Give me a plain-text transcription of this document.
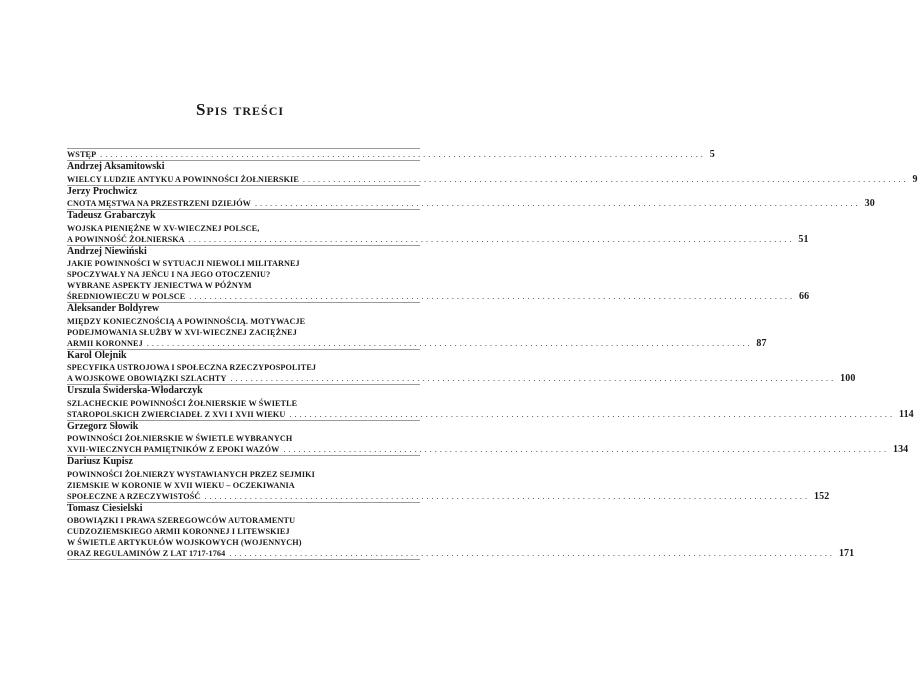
Spis treści
WSTĘP ........................................................................................................................ 5
Andrzej Aksamitowski
WIELCY LUDZIE ANTYKU A POWINNOŚCI ŻOŁNIERSKIE ........................................................................................................................ 9
Jerzy Prochwicz
CNOTA MĘSTWA NA PRZESTRZENI DZIEJÓW ........................................................................................................................ 30
Tadeusz Grabarczyk
WOJSKA PIENIĘŻNE W XV-WIECZNEJ POLSCE,
A POWINNOŚĆ ŻOŁNIERSKA ........................................................................................................................ 51
Andrzej Niewiński
JAKIE POWINNOŚCI W SYTUACJI NIEWOLI MILITARNEJ
SPOCZYWAŁY NA JEŃCU I NA JEGO OTOCZENIU?
WYBRANE ASPEKTY JENIECTWA W PÓŹNYM
ŚREDNIOWIECZU W POLSCE ........................................................................................................................ 66
Aleksander Boldyrew
MIĘDZY KONIECZNOŚCIĄ A POWINNOŚCIĄ. MOTYWACJE
PODEJMOWANIA SŁUŻBY W XVI-WIECZNEJ ZACIĘŻNEJ
ARMII KORONNEJ ........................................................................................................................ 87
Karol Olejnik
SPECYFIKA USTROJOWA I SPOŁECZNA RZECZYPOSPOLITEJ
A WOJSKOWE OBOWIĄZKI SZLACHTY ........................................................................................................................ 100
Urszula Świderska-Włodarczyk
SZLACHECKIE POWINNOŚCI ŻOŁNIERSKIE W ŚWIETLE
STAROPOLSKICH ZWIERCIADEŁ Z XVI I XVII WIEKU ........................................................................................................................ 114
Grzegorz Słowik
POWINNOŚCI ŻOŁNIERSKIE W ŚWIETLE WYBRANYCH
XVII-WIECZNYCH PAMIĘTNIKÓW Z EPOKI WAZÓW ........................................................................................................................ 134
Dariusz Kupisz
POWINNOŚCI ŻOŁNIERZY WYSTAWIANYCH PRZEZ SEJMIKI
ZIEMSKIE W KORONIE W XVII WIEKU – OCZEKIWANIA
SPOŁECZNE A RZECZYWISTOŚĆ ........................................................................................................................ 152
Tomasz Ciesielski
OBOWIĄZKI I PRAWA SZEREGOWCÓW AUTORAMENTU
CUDZOZIEMSKIEGO ARMII KORONNEJ I LITEWSKIEJ
W ŚWIETLE ARTYKUŁÓW WOJSKOWYCH (WOJENNYCH)
ORAZ REGULAMINÓW Z LAT 1717-1764 ........................................................................................................................ 171
